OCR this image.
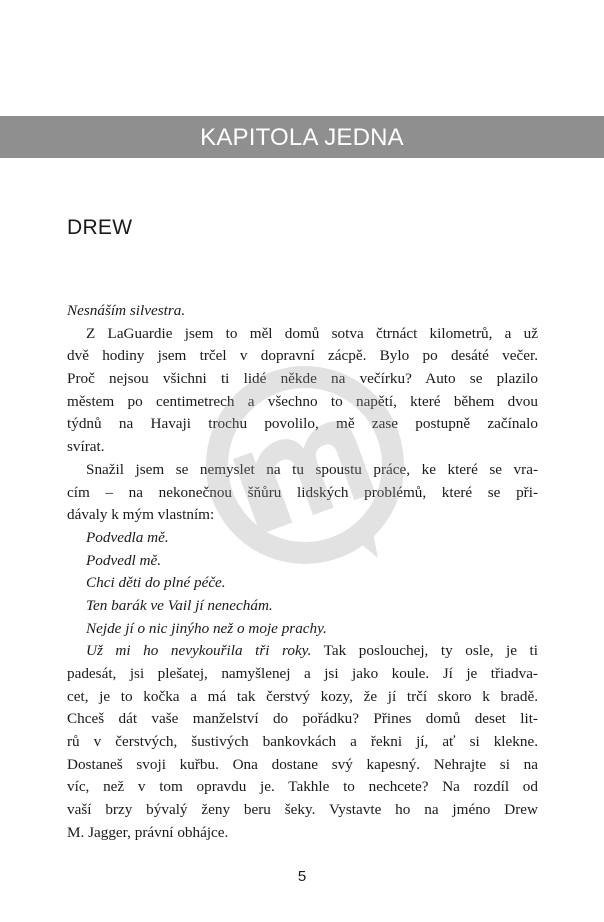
KAPITOLA JEDNA
DREW
Nesnáším silvestra.
Z LaGuardie jsem to měl domů sotva čtrnáct kilometrů, a už
dvě hodiny jsem trčel v dopravní zácpě. Bylo po desáté večer.
Proč nejsou všichni ti lidé někde na večírku? Auto se plazilo
městem po centimetrech a všechno to napětí, které během dvou
týdnů na Havaji trochu povolilo, mě zase postupně začínalo
svírat.
Snažil jsem se nemyslet na tu spoustu práce, ke které se vra-
cím – na nekonečnou šňůru lidských problémů, které se při-
dávaly k mým vlastním:
Podvedla mě.
Podvedl mě.
Chci děti do plné péče.
Ten barák ve Vail jí nenechám.
Nejde jí o nic jinýho než o moje prachy.
Už mi ho nevykouřila tři roky. Tak poslouchej, ty osle, je ti
padesát, jsi plešatej, namyšlenej a jsi jako koule. Jí je třiadva-
cet, je to kočka a má tak čerstvý kozy, že jí trčí skoro k bradě.
Chceš dát vaše manželství do pořádku? Přines domů deset lit-
rů v čerstvých, šustivých bankovkách a řekni jí, ať si klekne.
Dostaneš svoji kuřbu. Ona dostane svý kapesný. Nehrajte si na
víc, než v tom opravdu je. Takhle to nechcete? Na rozdíl od
vaší brzy bývalý ženy beru šeky. Vystavte ho na jméno Drew
M. Jagger, právní obhájce.
5
